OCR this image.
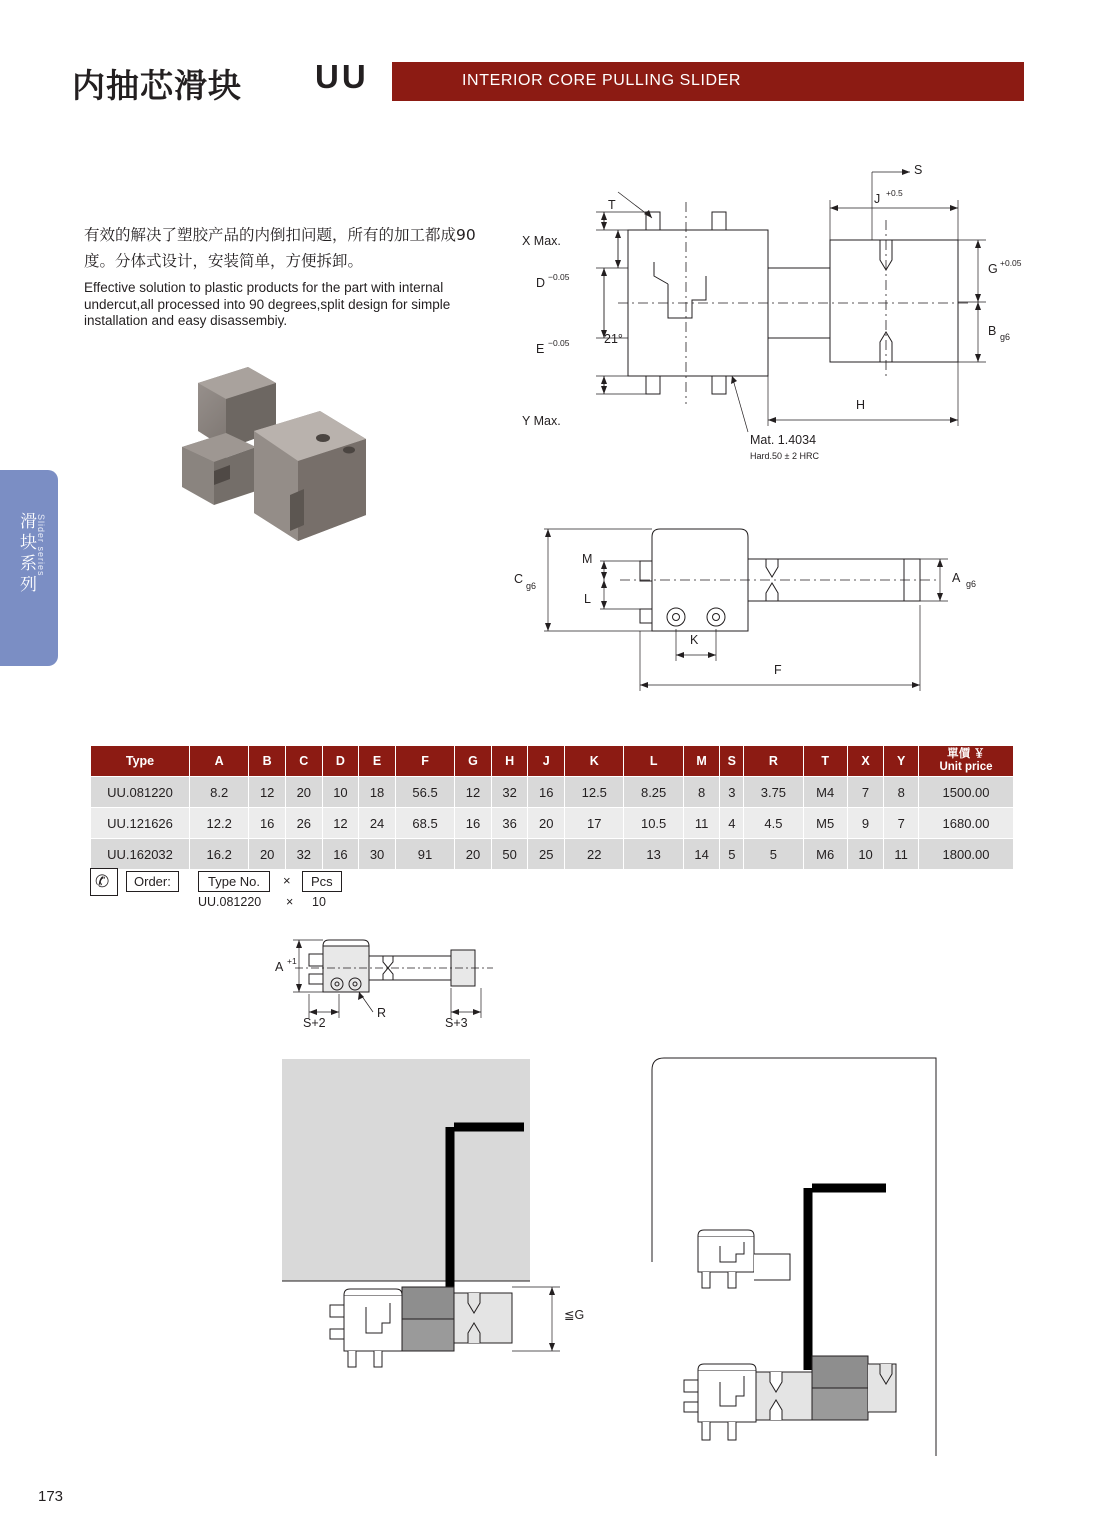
内抽芯滑块 UU	INTERIOR CORE PULLING SLIDER
滑块系列 Slider series
有效的解决了塑胶产品的内倒扣问题，所有的加工都成90度。分体式设计，安装简单，方便拆卸。
Effective solution to plastic products for the part with internal undercut,all processed into 90 degrees,split design for simple installation and easy disassembiy.
X Max.
Y Max.
D −0.05
E −0.05	21°
T
S
J +0.5
G +0.05
B g6
H
Mat. 1.4034
Hard.50 ± 2 HRC
C g6
M
L
A g6
K
F
Type	A	B	C	D	E	F	G	H	J	K	L	M	S	R	T	X	Y	單價 ￥
Unit price

UU.081220	8.2	12	20	10	18	56.5	12	32	16	12.5	8.25	8	3	3.75	M4	7	8	1500.00
UU.121626	12.2	16	26	12	24	68.5	16	36	20	17	10.5	11	4	4.5	M5	9	7	1680.00
UU.162032	16.2	20	32	16	30	91	20	50	25	22	13	14	5	5	M6	10	11	1800.00
✆	Order:	Type No.	×	Pcs
UU.081220 × 10
A +1
S+2	S+3
R
≦G
173
